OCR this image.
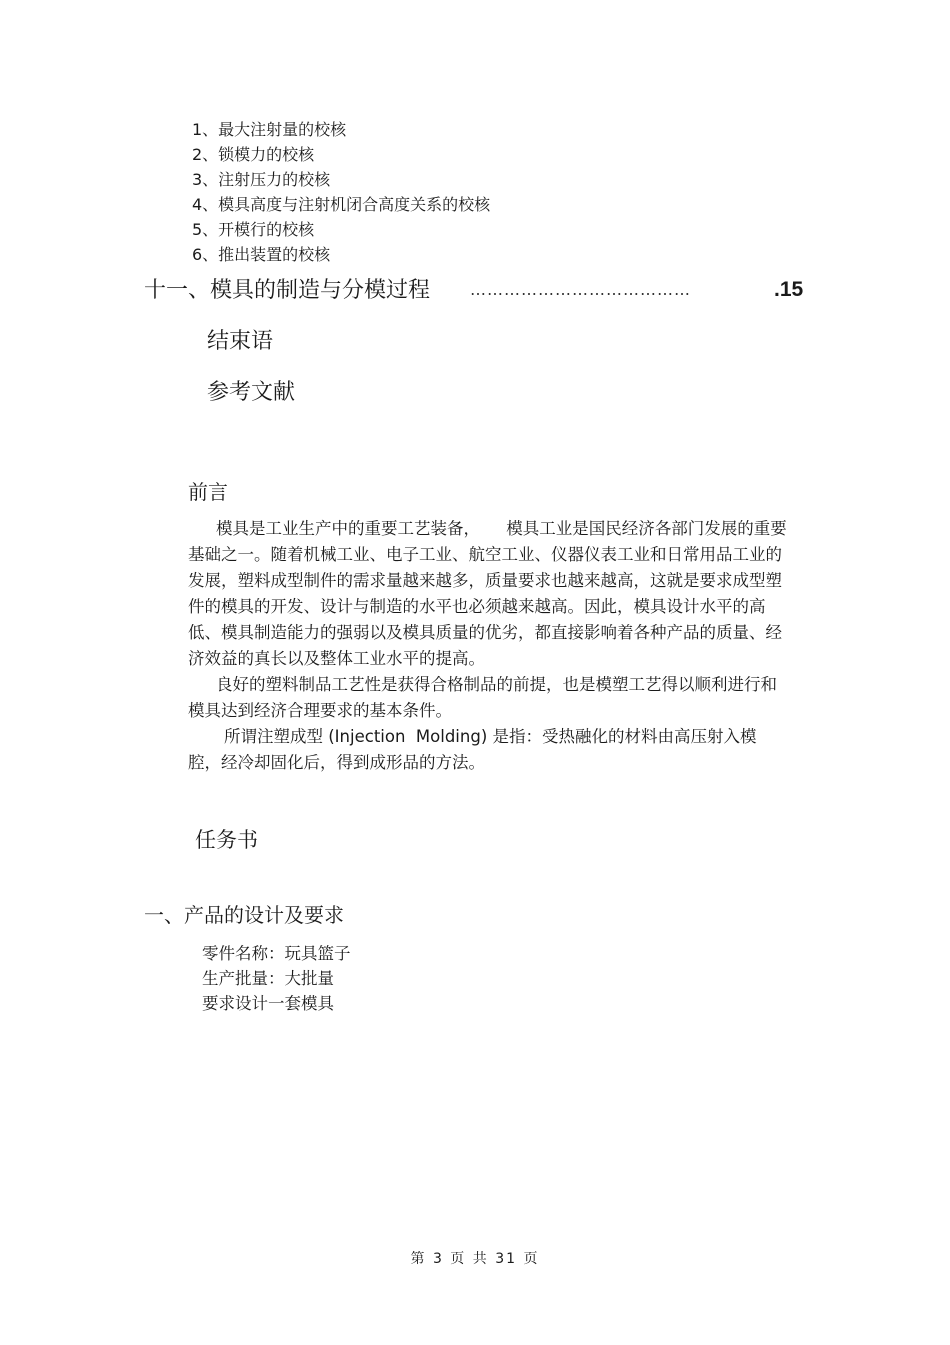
1、最大注射量的校核
2、锁模力的校核
3、注射压力的校核
4、模具高度与注射机闭合高度关系的校核
5、开模行的校核
6、推出装置的校核
十一、模具的制造与分模过程 …………………………………	.15
结束语
参考文献
前言

模具是工业生产中的重要工艺装备，     模具工业是国民经济各部门发展的重要基础之一。随着机械工业、电子工业、航空工业、仪器仪表工业和日常用品工业的发展，塑料成型制件的需求量越来越多，质量要求也越来越高，这就是要求成型塑件的模具的开发、设计与制造的水平也必须越来越高。因此，模具设计水平的高低、模具制造能力的强弱以及模具质量的优劣，都直接影响着各种产品的质量、经济效益的真长以及整体工业水平的提高。

良好的塑料制品工艺性是获得合格制品的前提，也是模塑工艺得以顺利进行和模具达到经济合理要求的基本条件。

所谓注塑成型 (Injection  Molding) 是指：受热融化的材料由高压射入模腔，经冷却固化后，得到成形品的方法。

任务书
一、产品的设计及要求
零件名称：玩具篮子
生产批量：大批量
要求设计一套模具
第 3 页 共 31 页
